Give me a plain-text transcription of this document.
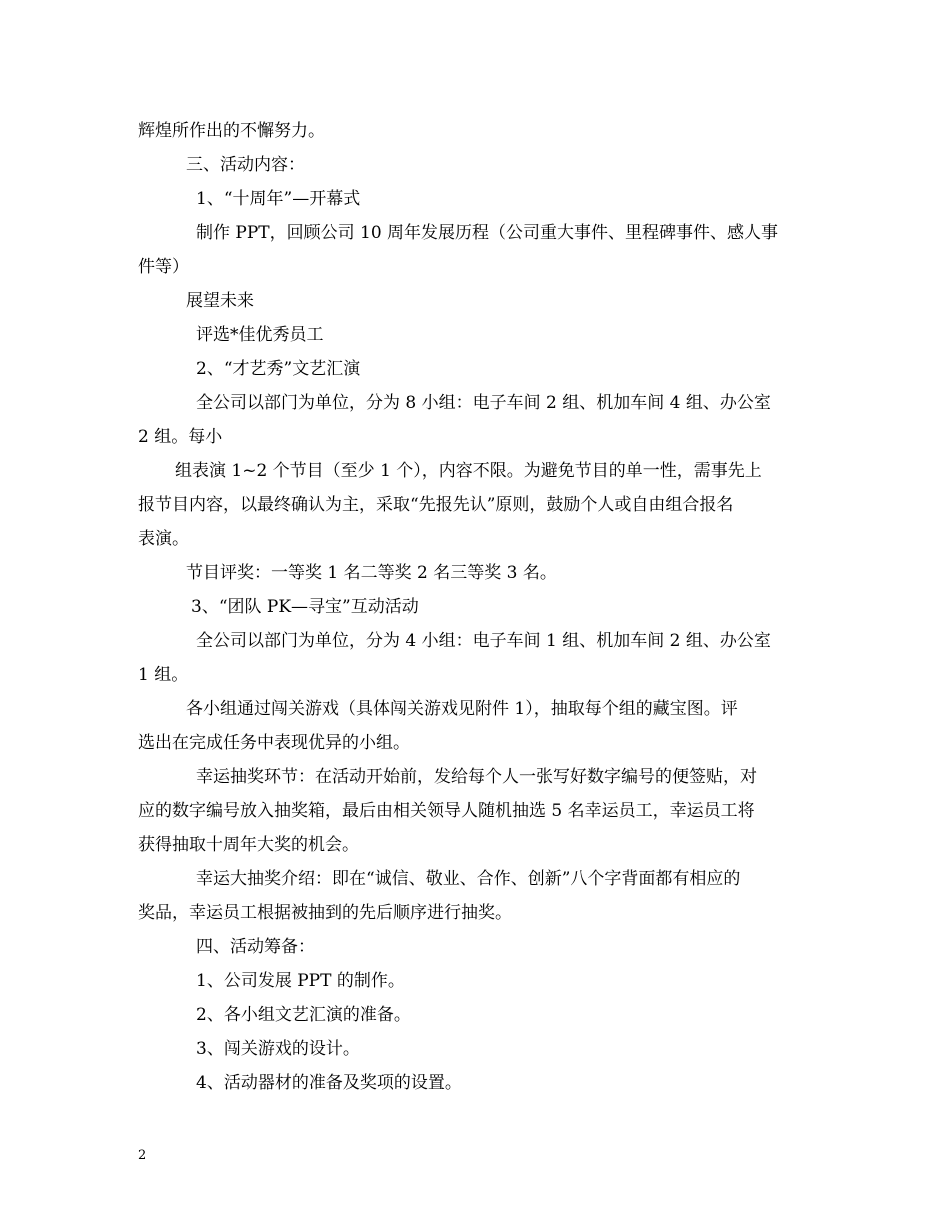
辉煌所作出的不懈努力。
三、活动内容：
1、“十周年”—开幕式
制作 PPT，回顾公司 10 周年发展历程（公司重大事件、里程碑事件、感人事
件等）
展望未来
评选*佳优秀员工
2、“才艺秀”文艺汇演
全公司以部门为单位，分为 8 小组：电子车间 2 组、机加车间 4 组、办公室
2 组。每小
组表演 1~2 个节目（至少 1 个），内容不限。为避免节目的单一性，需事先上
报节目内容，以最终确认为主，采取“先报先认”原则，鼓励个人或自由组合报名
表演。
节目评奖：一等奖 1 名二等奖 2 名三等奖 3 名。
3、“团队 PK—寻宝”互动活动
全公司以部门为单位，分为 4 小组：电子车间 1 组、机加车间 2 组、办公室
1 组。
各小组通过闯关游戏（具体闯关游戏见附件 1），抽取每个组的藏宝图。评
选出在完成任务中表现优异的小组。
幸运抽奖环节：在活动开始前，发给每个人一张写好数字编号的便签贴，对
应的数字编号放入抽奖箱，最后由相关领导人随机抽选 5 名幸运员工，幸运员工将
获得抽取十周年大奖的机会。
幸运大抽奖介绍：即在“诚信、敬业、合作、创新”八个字背面都有相应的
奖品，幸运员工根据被抽到的先后顺序进行抽奖。
四、活动筹备：
1、公司发展 PPT 的制作。
2、各小组文艺汇演的准备。
3、闯关游戏的设计。
4、活动器材的准备及奖项的设置。
2
